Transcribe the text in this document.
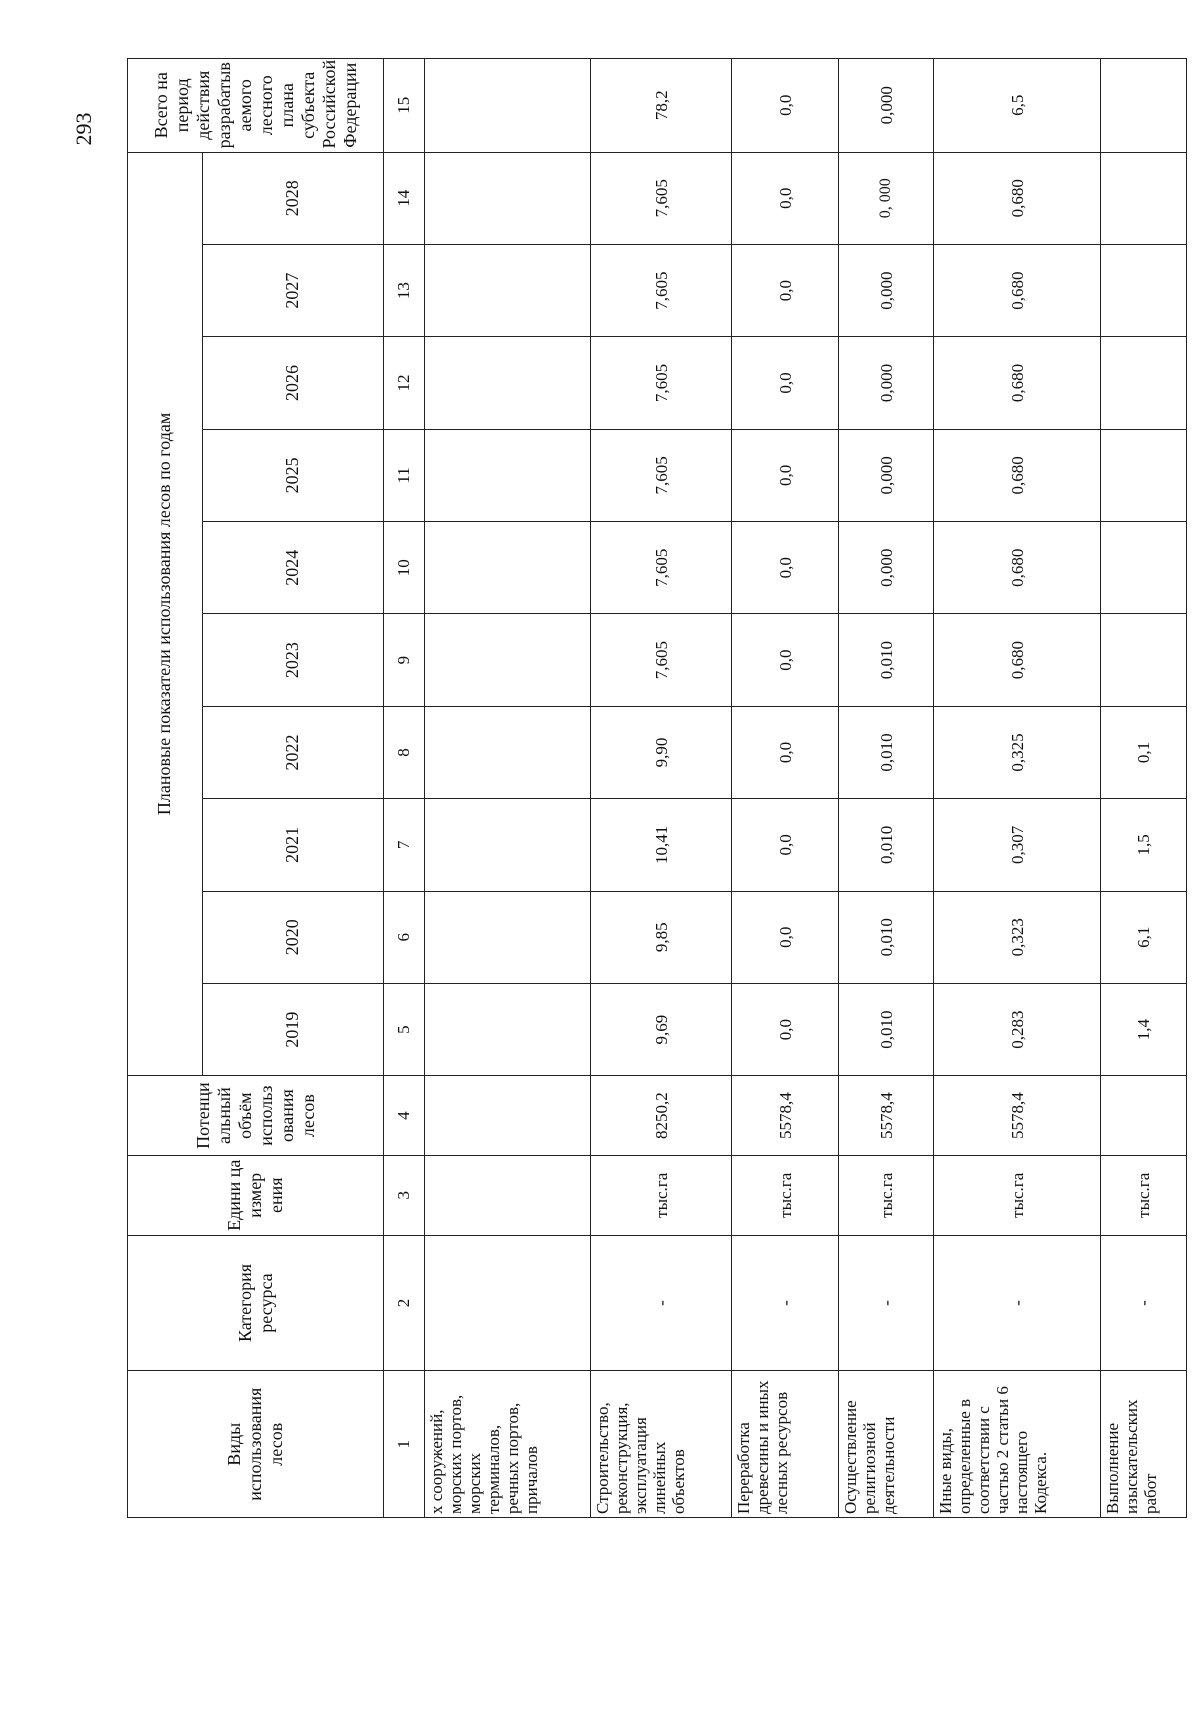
293
Виды использования лесов	Категория ресурса	Едини ца измер ения	Потенци альный объём использ ования лесов	Плановые показатели использования лесов по годам										Всего на период действия разрабатыв аемого лесного плана субъекта Российской Федерации
				2019	2020	2021	2022	2023	2024	2025	2026	2027	2028	
1	2	3	4	5	6	7	8	9	10	11	12	13	14	15
х сооружений, морских портов, морских терминалов, речных портов, причалов														
Строительство, реконструкция, эксплуатация линейных объектов	-	тыс.га	8250,2	9,69	9,85	10,41	9,90	7,605	7,605	7,605	7,605	7,605	7,605	78,2
Переработка древесины и иных лесных ресурсов	-	тыс.га	5578,4	0,0	0,0	0,0	0,0	0,0	0,0	0,0	0,0	0,0	0,0	0,0
Осуществление религиозной деятельности	-	тыс.га	5578,4	0,010	0,010	0,010	0,010	0,010	0,000	0,000	0,000	0,000	0, 000	0,000
Иные виды, определенные в соответствии с частью 2 статьи 6 настоящего Кодекса.	-	тыс.га	5578,4	0,283	0,323	0,307	0,325	0,680	0,680	0,680	0,680	0,680	0,680	6,5
Выполнение изыскательских работ	-	тыс.га		1,4	6,1	1,5	0,1							
